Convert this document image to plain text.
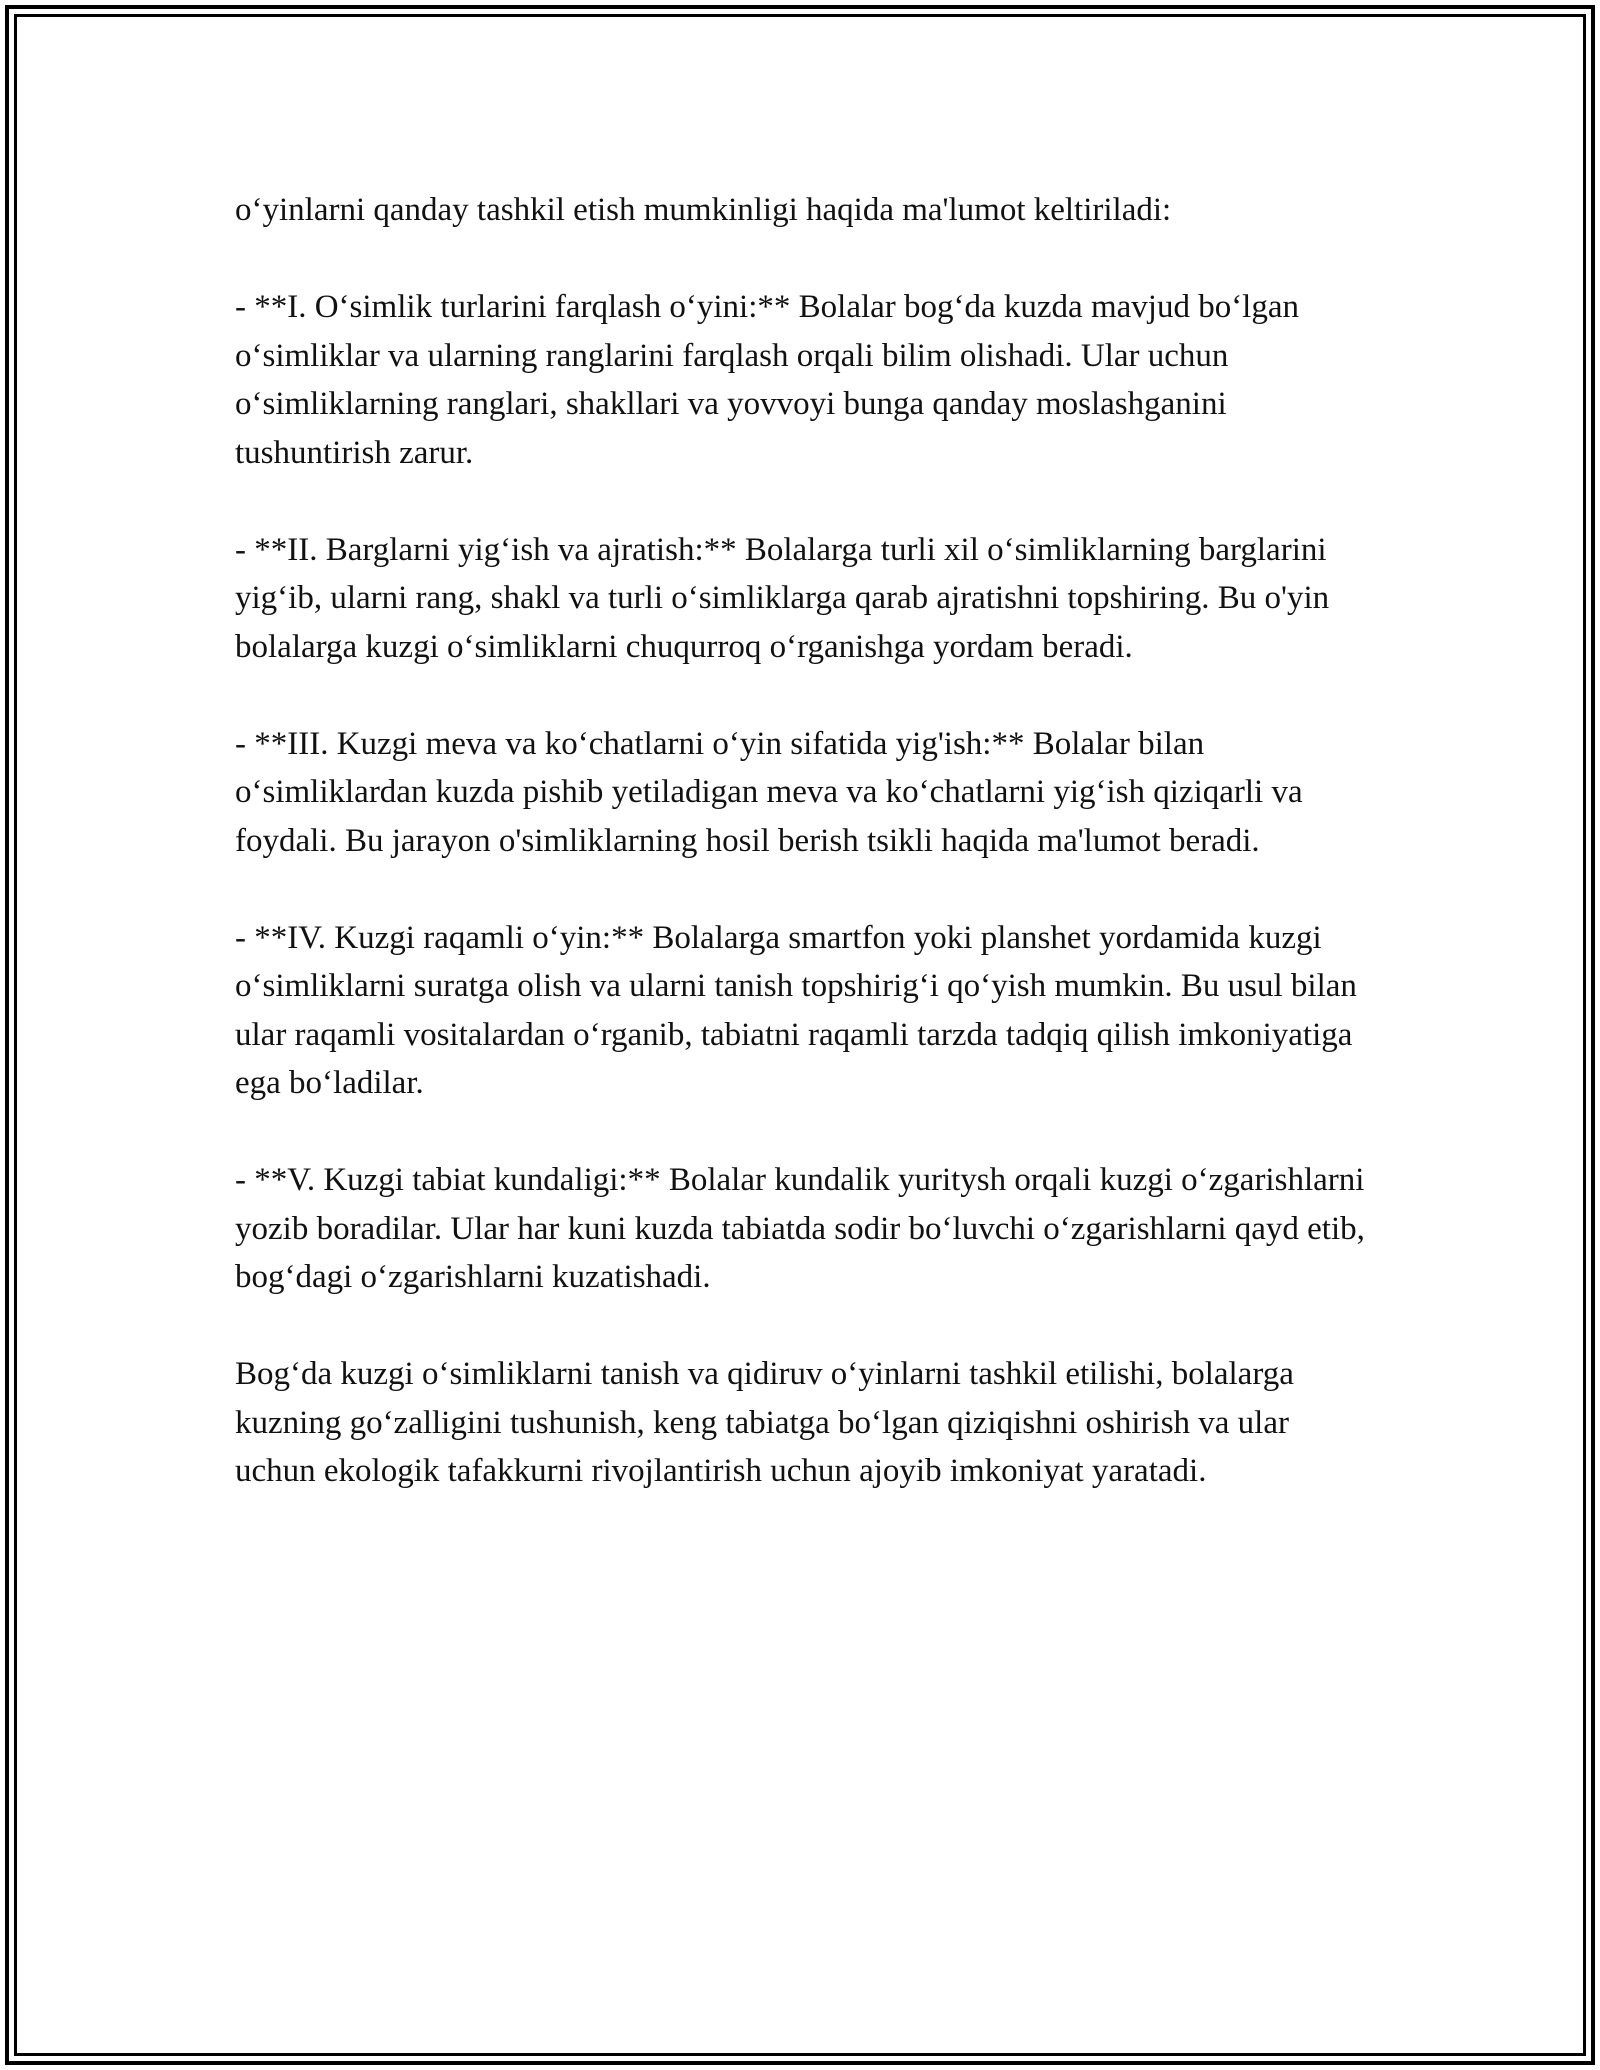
o‘yinlarni qanday tashkil etish mumkinligi haqida ma'lumot keltiriladi:

- **I. O‘simlik turlarini farqlash o‘yini:** Bolalar bog‘da kuzda mavjud bo‘lgan o‘simliklar va ularning ranglarini farqlash orqali bilim olishadi. Ular uchun o‘simliklarning ranglari, shakllari va yovvoyi bunga qanday moslashganini tushuntirish zarur.

- **II. Barglarni yig‘ish va ajratish:** Bolalarga turli xil o‘simliklarning barglarini yig‘ib, ularni rang, shakl va turli o‘simliklarga qarab ajratishni topshiring. Bu o'yin bolalarga kuzgi o‘simliklarni chuqurroq o‘rganishga yordam beradi.

- **III. Kuzgi meva va ko‘chatlarni o‘yin sifatida yig'ish:** Bolalar bilan o‘simliklardan kuzda pishib yetiladigan meva va ko‘chatlarni yig‘ish qiziqarli va foydali. Bu jarayon o'simliklarning hosil berish tsikli haqida ma'lumot beradi.

- **IV. Kuzgi raqamli o‘yin:** Bolalarga smartfon yoki planshet yordamida kuzgi o‘simliklarni suratga olish va ularni tanish topshirig‘i qo‘yish mumkin. Bu usul bilan ular raqamli vositalardan o‘rganib, tabiatni raqamli tarzda tadqiq qilish imkoniyatiga ega bo‘ladilar.

- **V. Kuzgi tabiat kundaligi:** Bolalar kundalik yuritysh orqali kuzgi o‘zgarishlarni yozib boradilar. Ular har kuni kuzda tabiatda sodir bo‘luvchi o‘zgarishlarni qayd etib, bog‘dagi o‘zgarishlarni kuzatishadi.

Bog‘da kuzgi o‘simliklarni tanish va qidiruv o‘yinlarni tashkil etilishi, bolalarga kuzning go‘zalligini tushunish, keng tabiatga bo‘lgan qiziqishni oshirish va ular uchun ekologik tafakkurni rivojlantirish uchun ajoyib imkoniyat yaratadi.
